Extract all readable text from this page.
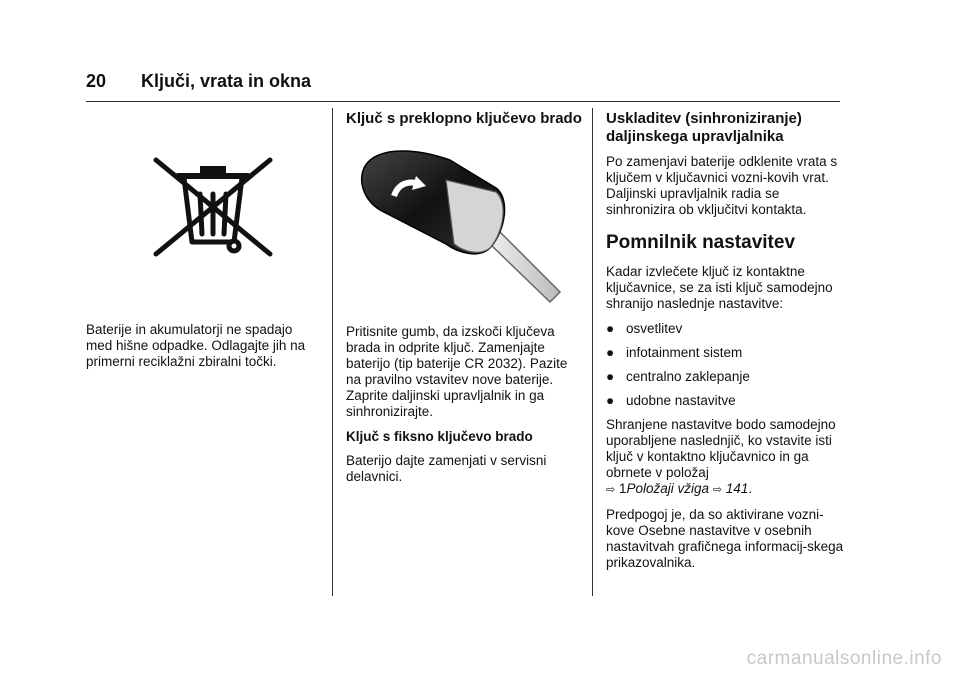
20 Ključi, vrata in okna

Baterije in akumulatorji ne spadajo med hišne odpadke. Odlagajte jih na primerni reciklažni zbiralni točki.

Ključ s preklopno ključevo brado

Pritisnite gumb, da izskoči ključeva brada in odprite ključ. Zamenjajte baterijo (tip baterije CR 2032). Pazite na pravilno vstavitev nove baterije. Zaprite daljinski upravljalnik in ga sinhronizirajte.

Ključ s fiksno ključevo brado

Baterijo dajte zamenjati v servisni delavnici.

Uskladitev (sinhroniziranje) daljinskega upravljalnika

Po zamenjavi baterije odklenite vrata s ključem v ključavnici vozni-kovih vrat. Daljinski upravljalnik radia se sinhronizira ob vključitvi kontakta.

Pomnilnik nastavitev

Kadar izvlečete ključ iz kontaktne ključavnice, se za isti ključ samodejno shranijo naslednje nastavitve:

● osvetlitev
● infotainment sistem
● centralno zaklepanje
● udobne nastavitve

Shranjene nastavitve bodo samodejno uporabljene naslednjič, ko vstavite isti ključ v kontaktno ključavnico in ga obrnete v položaj
⇨ 1Položaji vžiga ⇨ 141.

Predpogoj je, da so aktivirane vozni-kove Osebne nastavitve v osebnih nastavitvah grafičnega informacij-skega prikazovalnika.

carmanualsonline.info
